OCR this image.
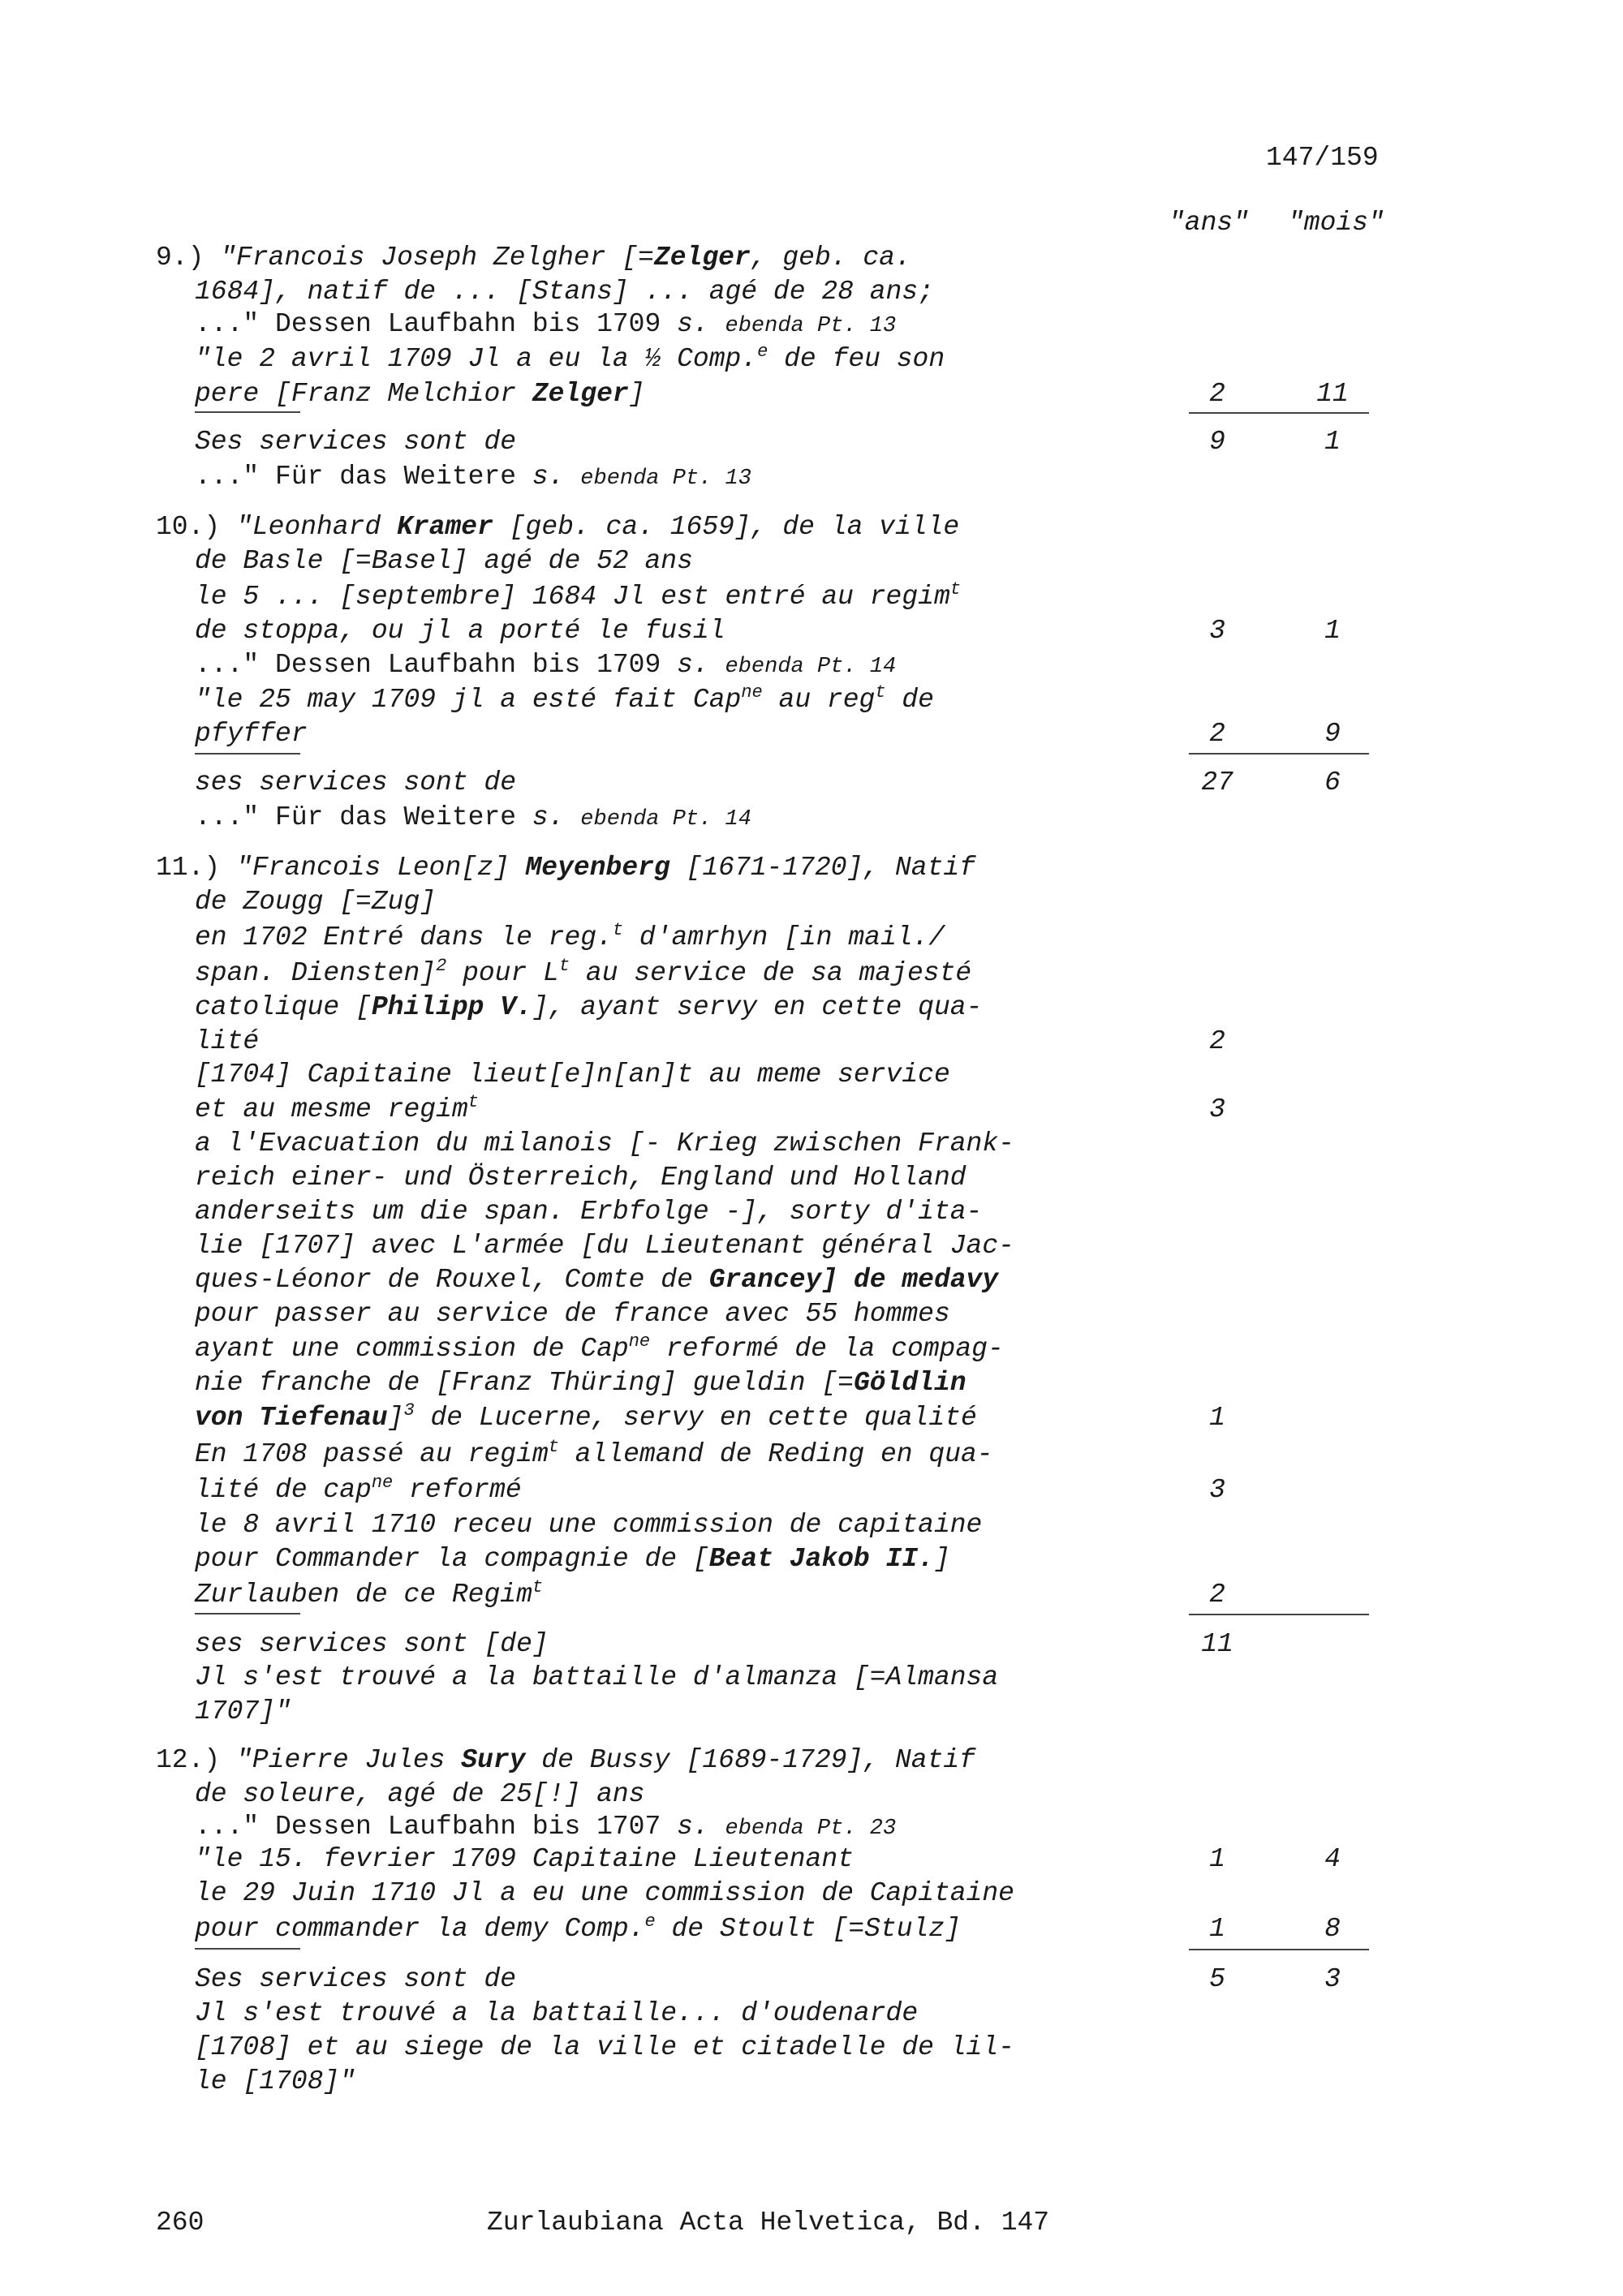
147/159
"ans" "mois"
9.) "Francois Joseph Zelgher [=Zelger, geb. ca.
1684], natif de ... [Stans] ... agé de 28 ans;
..." Dessen Laufbahn bis 1709 s. ebenda Pt. 13
"le 2 avril 1709 Jl a eu la ½ Comp.$^e$ de feu son
pere [Franz Melchior Zelger]	2	11
Ses services sont de	9	1
..." Für das Weitere s. ebenda Pt. 13
10.) "Leonhard Kramer [geb. ca. 1659], de la ville
de Basle [=Basel] agé de 52 ans
le 5 ... [septembre] 1684 Jl est entré au regim$^t$
de stoppa, ou jl a porté le fusil	3	1
..." Dessen Laufbahn bis 1709 s. ebenda Pt. 14
"le 25 may 1709 jl a esté fait Cap$^{ne}$ au reg$^t$ de
pfyffer	2	9
ses services sont de	27	6
..." Für das Weitere s. ebenda Pt. 14
11.) "Francois Leon[z] Meyenberg [1671-1720], Natif
de Zougg [=Zug]
en 1702 Entré dans le reg.$^t$ d'amrhyn [in mail./
span. Diensten]$^2$ pour $L^t$ au service de sa majesté
catolique [Philipp V.], ayant servy en cette qua-
lité	2
[1704] Capitaine lieut[e]n[an]t au meme service
et au mesme regim$^t$	3
a l'Evacuation du milanois [- Krieg zwischen Frank-
reich einer- und Österreich, England und Holland
anderseits um die span. Erbfolge -], sorty d'ita-
lie [1707] avec L'armée [du Lieutenant général Jac-
ques-Léonor de Rouxel, Comte de Grancey] de medavy
pour passer au service de france avec 55 hommes
ayant une commission de Cap$^{ne}$ reformé de la compag-
nie franche de [Franz Thüring] gueldin [=Göldlin
von Tiefenau]$^3$ de Lucerne, servy en cette qualité	1
En 1708 passé au regim$^t$ allemand de Reding en qua-
lité de cap$^{ne}$ reformé	3
le 8 avril 1710 receu une commission de capitaine
pour Commander la compagnie de [Beat Jakob II.]
Zurlauben de ce Regim$^t$	2
ses services sont [de]	11
Jl s'est trouvé a la battaille d'almanza [=Almansa
1707]"
12.) "Pierre Jules Sury de Bussy [1689-1729], Natif
de soleure, agé de 25[!] ans
..." Dessen Laufbahn bis 1707 s. ebenda Pt. 23
"le 15. fevrier 1709 Capitaine Lieutenant	1	4
le 29 Juin 1710 Jl a eu une commission de Capitaine
pour commander la demy Comp.$^e$ de Stoult [=Stulz]	1	8
Ses services sont de	5	3
Jl s'est trouvé a la battaille... d'oudenarde
[1708] et au siege de la ville et citadelle de lil-
le [1708]"
260	Zurlaubiana Acta Helvetica, Bd. 147
